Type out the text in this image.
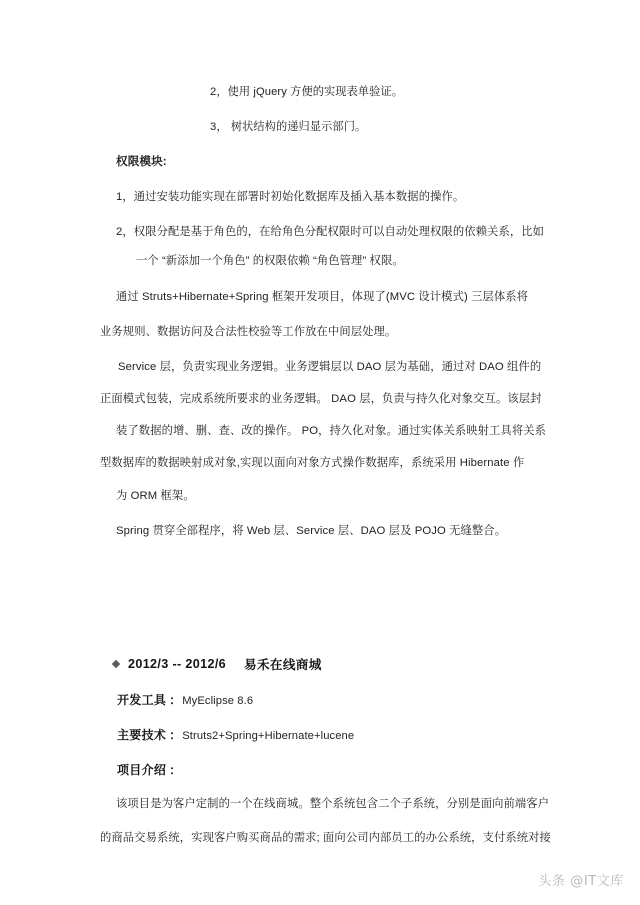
2，使用 jQuery 方便的实现表单验证。
3， 树状结构的递归显示部门。
权限模块:
1，通过安装功能实现在部署时初始化数据库及插入基本数据的操作。
2，权限分配是基于角色的，在给角色分配权限时可以自动处理权限的依赖关系，比如
一个 “新添加一个角色” 的权限依赖 “角色管理” 权限。
通过 Struts+Hibernate+Spring 框架开发项目，体现了(MVC 设计模式) 三层体系将
业务规则、数据访问及合法性校验等工作放在中间层处理。
Service 层，负责实现业务逻辑。业务逻辑层以 DAO 层为基础，通过对 DAO 组件的
正面模式包装，完成系统所要求的业务逻辑。 DAO 层，负责与持久化对象交互。该层封
装了数据的增、删、查、改的操作。 PO，持久化对象。通过实体关系映射工具将关系
型数据库的数据映射成对象,实现以面向对象方式操作数据库，系统采用 Hibernate 作
为 ORM 框架。
Spring 贯穿全部程序，将 Web 层、Service 层、DAO 层及 POJO 无缝整合。
2012/3 -- 2012/6	易禾在线商城
开发工具 ：MyEclipse 8.6
主要技术 ：Struts2+Spring+Hibernate+lucene
项目介绍 ：
该项目是为客户定制的一个在线商城。整个系统包含二个子系统，分别是面向前端客户
的商品交易系统，实现客户购买商品的需求; 面向公司内部员工的办公系统，支付系统对接
头条 @IT文库
